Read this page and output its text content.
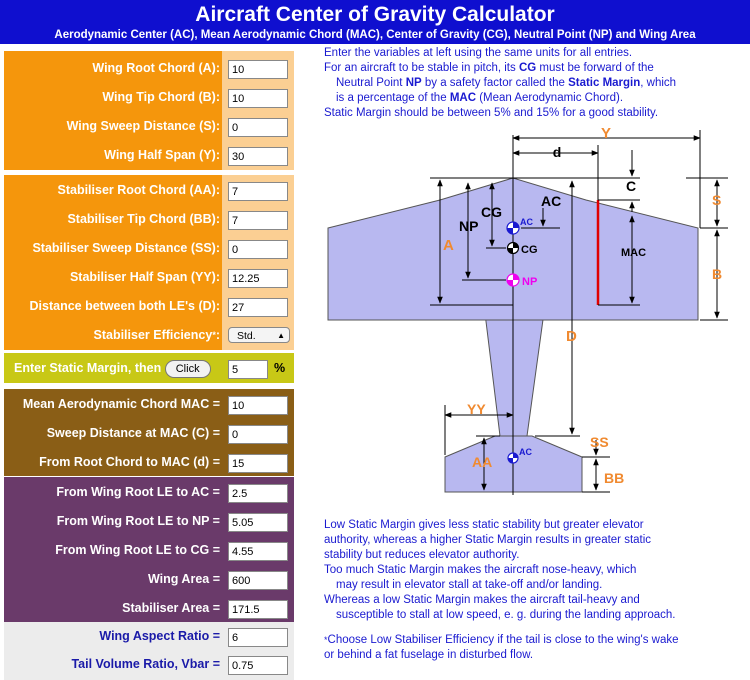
Aircraft Center of Gravity Calculator
Aerodynamic Center (AC), Mean Aerodynamic Chord (MAC), Center of Gravity (CG), Neutral Point (NP) and Wing Area
Wing Root Chord (A):
10
Wing Tip Chord (B):
10
Wing Sweep Distance (S):
0
Wing Half Span (Y):
30
Stabiliser Root Chord (AA):
7
Stabiliser Tip Chord (BB):
7
Stabiliser Sweep Distance (SS):
0
Stabiliser Half Span (YY):
12.25
Distance between both LE's (D):
27
Stabiliser Efficiency*:	Std.	▲

Enter Static Margin, then Click
5	%
Mean Aerodynamic Chord MAC =
10
Sweep Distance at MAC (C) =
0
From Root Chord to MAC (d) =
15
From Wing Root LE to AC =
2.5
From Wing Root LE to NP =
5.05
From Wing Root LE to CG =
4.55
Wing Area =
600
Stabiliser Area =
171.5
Wing Aspect Ratio =
6
Tail Volume Ratio, Vbar =
0.75
Enter the variables at left using the same units for all entries.
For an aircraft to be stable in pitch, its CG must be forward of the
Neutral Point NP by a safety factor called the Static Margin, which
is a percentage of the MAC (Mean Aerodynamic Chord).
Static Margin should be between 5% and 15% for a good stability.
Y
d
C
S
AC
CG
NP
A	MAC
B
D
AC
CG
NP
YY
SS
AA
AC
BB
Low Static Margin gives less static stability but greater elevator
authority, whereas a higher Static Margin results in greater static
stability but reduces elevator authority.
Too much Static Margin makes the aircraft nose-heavy, which
may result in elevator stall at take-off and/or landing.
Whereas a low Static Margin makes the aircraft tail-heavy and
susceptible to stall at low speed, e. g. during the landing approach.
*Choose Low Stabiliser Efficiency if the tail is close to the wing's wake
or behind a fat fuselage in disturbed flow.
